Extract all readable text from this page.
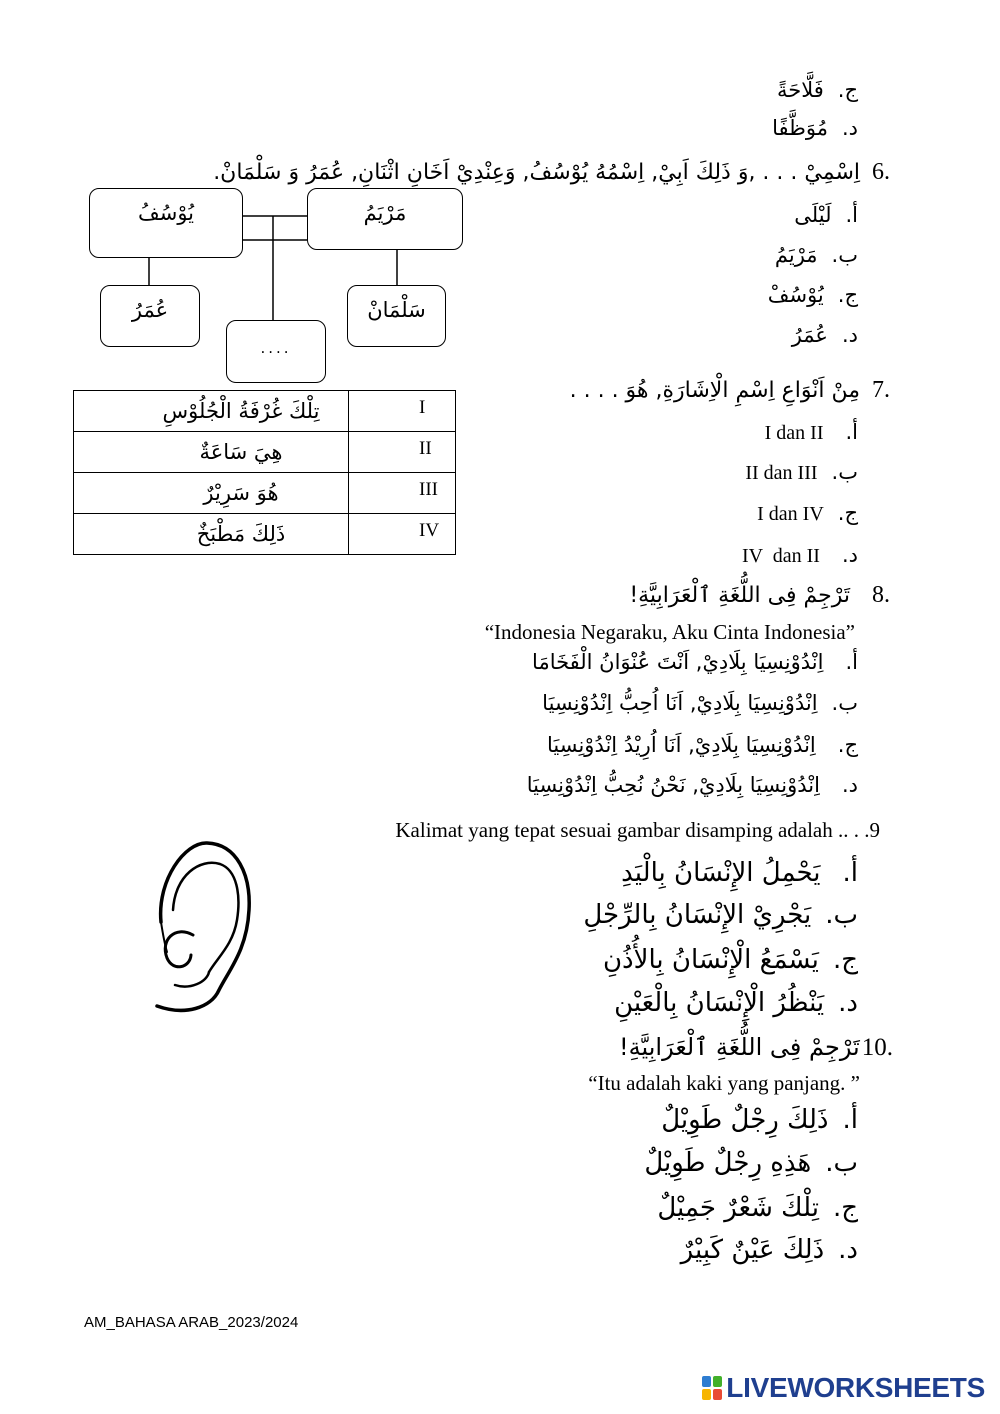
ج.
فَلَّاحَةً
د.
مُوَظَّفًا
6.
اِسْمِيْ . . . ,وَ ذَلِكَ اَبِيْ, اِسْمُهُ يُوْسُفُ, وَعِنْدِيْ اَخَانِ اثْنَانِ, عُمَرُ وَ سَلْمَانْ.
يُوْسُفُ	مَرْيَمُ
عُمَرُ
....
سَلْمَانْ
أ.
لَيْلَى
ب.
مَرْيَمُ
ج.
يُوْسُفْ
د.
عُمَرُ
7.
مِنْ اَنْوَاعِ اِسْمِ الْاِشَارَةِ, هُوَ . . . .
تِلْكَ غُرْفَةُ الْجُلُوْسِ	I
هِيَ سَاعَةٌ	II
هُوَ سَرِيْرٌ	III
ذَلِكَ مَطْبَخٌ	IV
أ.
I dan II
ب.
II dan III
ج.
I dan IV
د.
IV  dan II
8.
تَرْجِمْ فِى اللُّغَةِ ٱلْعَرَابِيَّةِ!
“Indonesia Negaraku, Aku Cinta Indonesia”
أ.
اِنْدُوْنِسِيَا بِلَادِيْ, اَنْتَ عُنْوَانُ الْفَخَامَا
ب.
اِنْدُوْنِسِيَا بِلَادِيْ, اَنَا اُحِبُّ اِنْدُوْنِسِيَا
ج.
اِنْدُوْنِسِيَا بِلَادِيْ, اَنَا اُرِيْدُ اِنْدُوْنِسِيَا
د.
اِنْدُوْنِسِيَا بِلَادِيْ, نَحْنُ نُحِبُّ اِنْدُوْنِسِيَا
Kalimat yang tepat sesuai gambar disamping adalah .. . .9
أ.
يَحْمِلُ الإِنْسَانُ بِالْيَدِ
ب.
يَجْرِيْ الإِنْسَانُ بِالرِّجْلِ
ج.
يَسْمَعُ الْإِنْسَانُ بِالأُذُنِ
د.
يَنْظُرُ الْإِنْسَانُ بِالْعَيْنِ
10.
تَرْجِمْ فِى اللُّغَةِ ٱلْعَرَابِيَّةِ!
“Itu adalah kaki yang panjang. ”
أ.
ذَلِكَ رِجْلٌ طَوِيْلٌ
ب.
هَذِهِ رِجْلٌ طَوِيْلٌ
ج.
تِلْكَ شَعْرٌ جَمِيْلٌ
د.
ذَلِكَ عَيْنٌ كَبِيْرٌ
AM_BAHASA ARAB_2023/2024
LIVEWORKSHEETS
